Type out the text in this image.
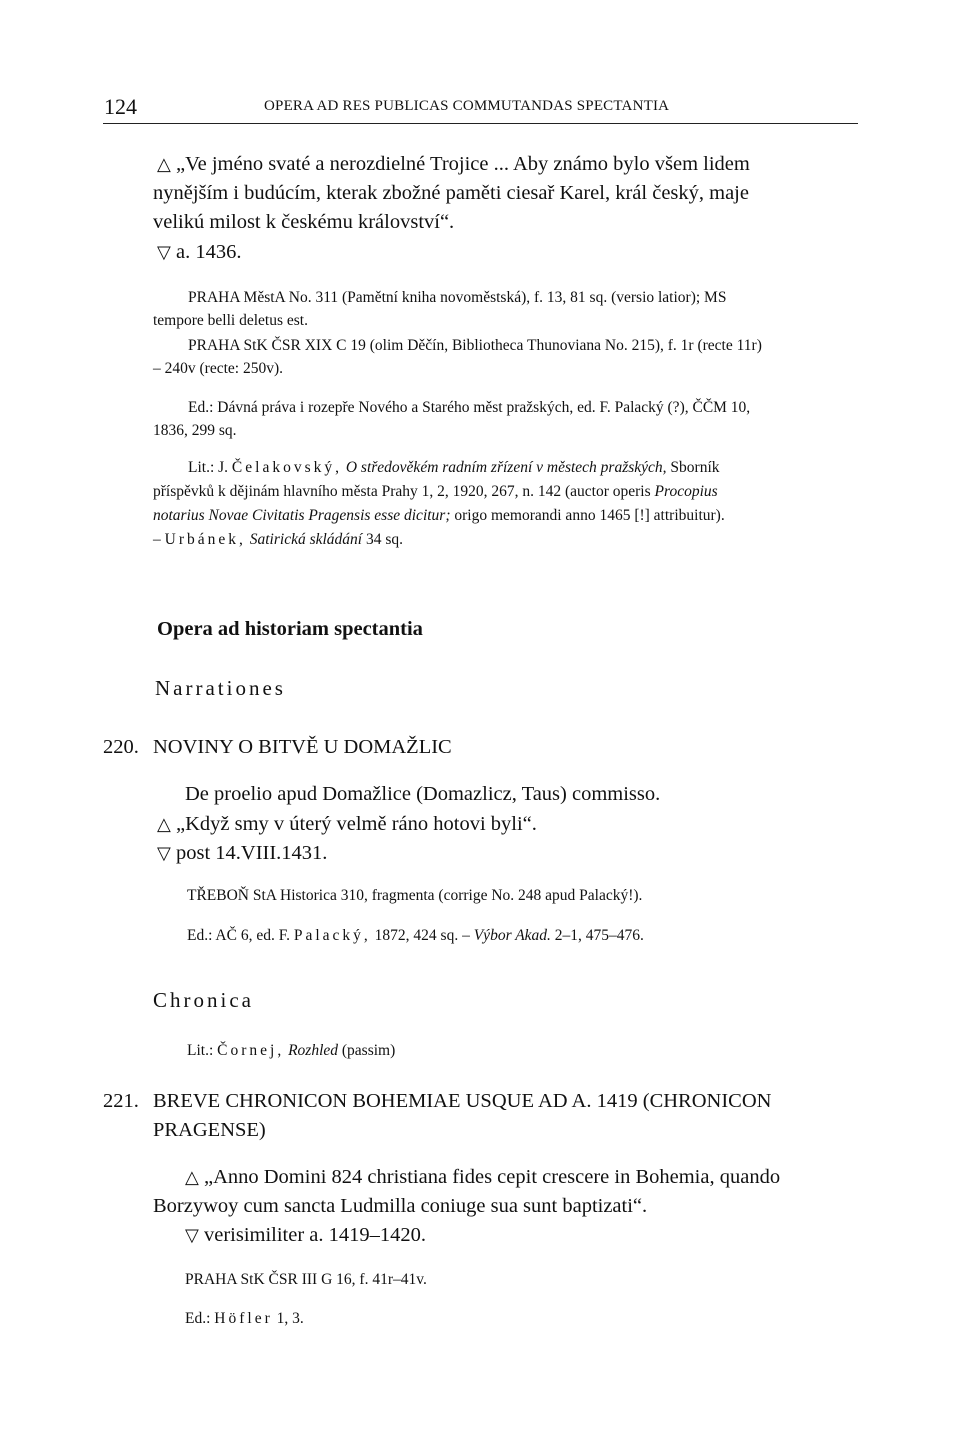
124	OPERA AD RES PUBLICAS COMMUTANDAS SPECTANTIA
△ „Ve jméno svaté a nerozdielné Trojice ... Aby známo bylo všem lidem
nynějším i budúcím, kterak zbožné paměti ciesař Karel, král český, maje
velikú milost k českému království“.
▽ a. 1436.
PRAHA MěstA No. 311 (Pamětní kniha novoměstská), f. 13, 81 sq. (versio latior); MS
tempore belli deletus est.
PRAHA StK ČSR XIX C 19 (olim Děčín, Bibliotheca Thunoviana No. 215), f. 1r (recte 11r)
– 240v (recte: 250v).
Ed.: Dávná práva i rozepře Nového a Starého měst pražských, ed. F. Palacký (?), ČČM 10,
1836, 299 sq.
Lit.: J. Čelakovský, O středověkém radním zřízení v městech pražských, Sborník
příspěvků k dějinám hlavního města Prahy 1, 2, 1920, 267, n. 142 (auctor operis Procopius
notarius Novae Civitatis Pragensis esse dicitur; origo memorandi anno 1465 [!] attribuitur).
– Urbánek, Satirická skládání 34 sq.
Opera ad historiam spectantia
Narrationes
220. NOVINY O BITVĚ U DOMAŽLIC
De proelio apud Domažlice (Domazlicz, Taus) commisso.
△ „Když smy v úterý velmě ráno hotovi byli“.
▽ post 14.VIII.1431.
TŘEBOŇ StA Historica 310, fragmenta (corrige No. 248 apud Palacký!).
Ed.: AČ 6, ed. F. Palacký, 1872, 424 sq. – Výbor Akad. 2–1, 475–476.
Chronica
Lit.: Čornej, Rozhled (passim)
221. BREVE CHRONICON BOHEMIAE USQUE AD A. 1419 (CHRONICON
PRAGENSE)
△ „Anno Domini 824 christiana fides cepit crescere in Bohemia, quando
Borzywoy cum sancta Ludmilla coniuge sua sunt baptizati“.
▽ verisimiliter a. 1419–1420.
PRAHA StK ČSR III G 16, f. 41r–41v.
Ed.: Höfler 1, 3.
